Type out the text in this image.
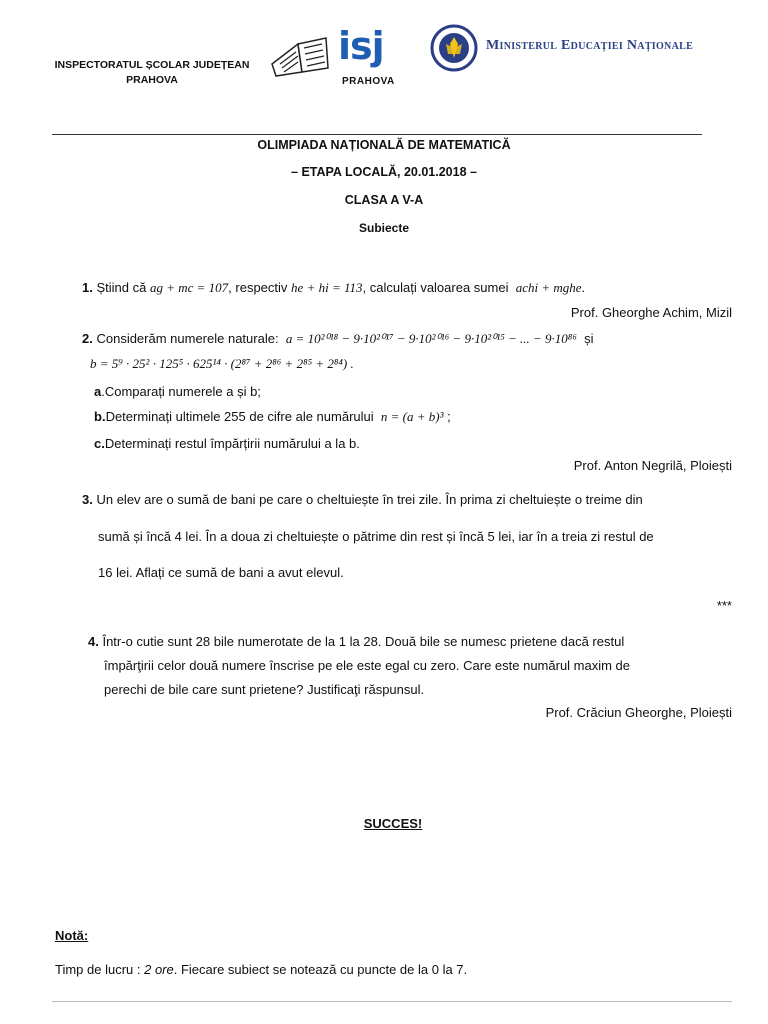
INSPECTORATUL ȘCOLAR JUDEȚEAN
PRAHOVA
isj
PRAHOVA
Ministerul Educației Naționale
OLIMPIADA NAȚIONALĂ DE MATEMATICĂ
– ETAPA LOCALĂ, 20.01.2018 –
CLASA A V-A
Subiecte
1. Știind că ag + mc = 107, respectiv he + hi = 113, calculați valoarea sumei achi + mghe.
Prof. Gheorghe Achim, Mizil
2. Considerăm numerele naturale: a = 10²⁰¹⁸ − 9·10²⁰¹⁷ − 9·10²⁰¹⁶ − 9·10²⁰¹⁵ − ... − 9·10⁸⁶ și
b = 5⁹ · 25² · 125⁵ · 625¹⁴ · (2⁸⁷ + 2⁸⁶ + 2⁸⁵ + 2⁸⁴) .
a.Comparați numerele a și b;
b.Determinați ultimele 255 de cifre ale numărului n = (a + b)³ ;
c.Determinați restul împărțirii numărului a la b.
Prof. Anton Negrilă, Ploiești
3. Un elev are o sumă de bani pe care o cheltuiește în trei zile. În prima zi cheltuiește o treime din
sumă și încă 4 lei. În a doua zi cheltuiește o pătrime din rest și încă 5 lei, iar în a treia zi restul de
16 lei. Aflați ce sumă de bani a avut elevul.
***
4. Într-o cutie sunt 28 bile numerotate de la 1 la 28. Două bile se numesc prietene dacă restul
împărţirii celor două numere înscrise pe ele este egal cu zero. Care este numărul maxim de
perechi de bile care sunt prietene? Justificaţi răspunsul.
Prof. Crăciun Gheorghe, Ploiești
SUCCES!
Notă:
Timp de lucru : 2 ore. Fiecare subiect se notează cu puncte de la 0 la 7.
